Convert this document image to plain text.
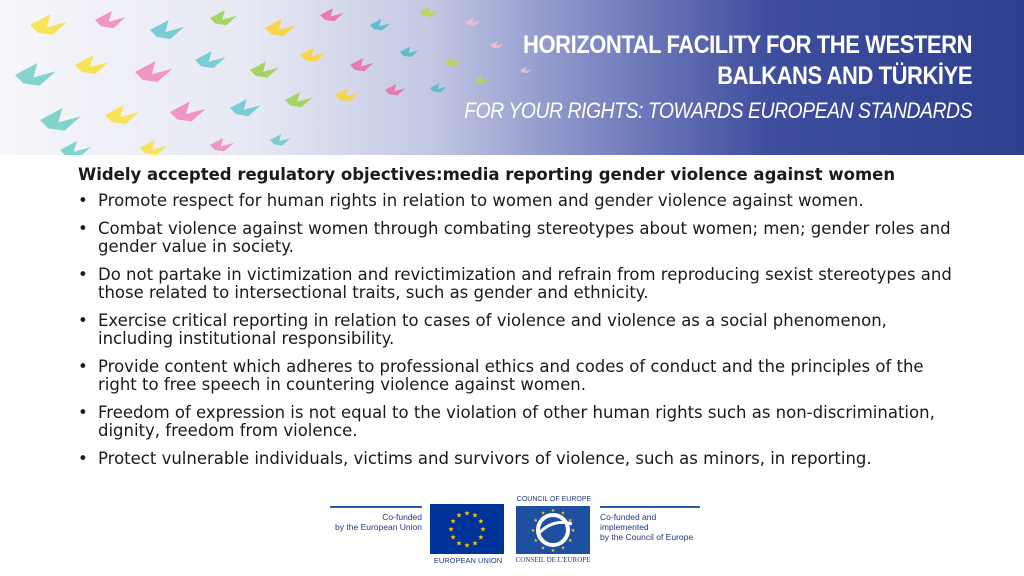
HORIZONTAL FACILITY FOR THE WESTERN
BALKANS AND TÜRKİYE
FOR YOUR RIGHTS: TOWARDS EUROPEAN STANDARDS
Widely accepted regulatory objectives:media reporting gender violence against women
• Promote respect for human rights in relation to women and gender violence against women.
• Combat violence against women through combating stereotypes about women; men; gender roles and gender value in society.
• Do not partake in victimization and revictimization and refrain from reproducing sexist stereotypes and those related to intersectional traits, such as gender and ethnicity.
• Exercise critical reporting in relation to cases of violence and violence as a social phenomenon, including institutional responsibility.
• Provide content which adheres to professional ethics and codes of conduct and the principles of the right to free speech in countering violence against women.
• Freedom of expression is not equal to the violation of other human rights such as non-discrimination, dignity, freedom from violence.
• Protect vulnerable individuals, victims and survivors of violence, such as minors, in reporting.
Co-funded
by the European Union	★
★
★
★
★
★
★
★
★ ★ ★
★
EUROPEAN UNION
COUNCIL OF EUROPE
★
★
★
★
★
★
★
★
★ ★ ★
★
CONSEIL DE L'EUROPE
Co-funded and implemented
by the Council of Europe
